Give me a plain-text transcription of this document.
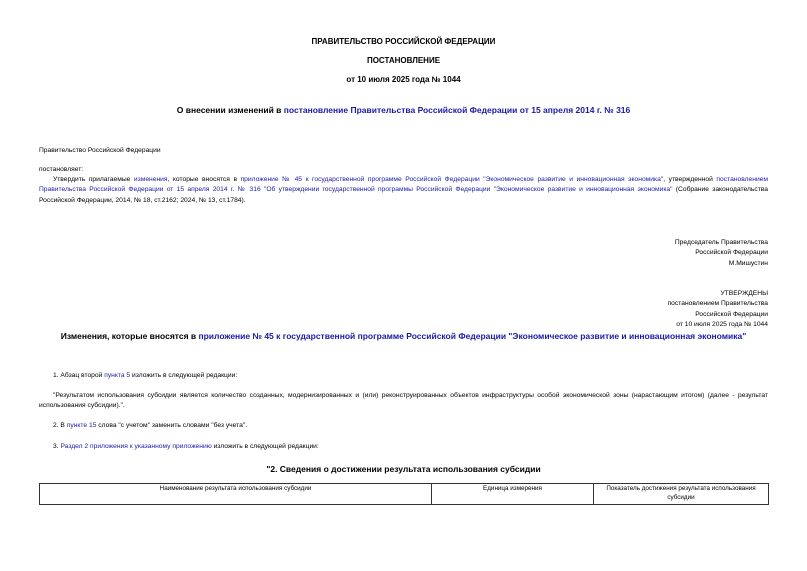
ПРАВИТЕЛЬСТВО РОССИЙСКОЙ ФЕДЕРАЦИИ
ПОСТАНОВЛЕНИЕ
от 10 июля 2025 года № 1044
О внесении изменений в постановление Правительства Российской Федерации от 15 апреля 2014 г. № 316
Правительство Российской Федерации
постановляет:
Утвердить прилагаемые изменения, которые вносятся в приложение № 45 к государственной программе Российской Федерации "Экономическое развитие и инновационная экономика", утвержденной постановлением Правительства Российской Федерации от 15 апреля 2014 г. № 316 "Об утверждении государственной программы Российской Федерации "Экономическое развитие и инновационная экономика" (Собрание законодательства Российской Федерации, 2014, № 18, ст.2162; 2024, № 13, ст.1784).
Председатель Правительства
Российской Федерации
М.Мишустин
УТВЕРЖДЕНЫ
постановлением Правительства
Российской Федерации
от 10 июля 2025 года № 1044
Изменения, которые вносятся в приложение № 45 к государственной программе Российской Федерации "Экономическое развитие и инновационная экономика"
1. Абзац второй пункта 5 изложить в следующей редакции:
"Результатом использования субсидии является количество созданных, модернизированных и (или) реконструированных объектов инфраструктуры особой экономической зоны (нарастающим итогом) (далее - результат использования субсидии).".
2. В пункте 15 слова "с учетом" заменить словами "без учета".
3. Раздел 2 приложения к указанному приложению изложить в следующей редакции:
"2. Сведения о достижении результата использования субсидии
Наименование результата использования субсидии	Единица измерения	Показатель достижения результата использования субсидии
